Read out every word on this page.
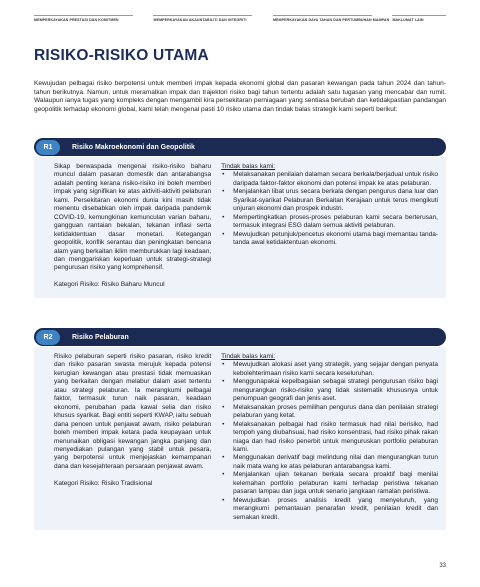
MEMPERKAYAKAN PRESTASI DAN KOMITMEN	MEMPERKAYAKAN AKAUNTABILITI DAN INTEGRITI	MEMPERKAYAKAN DAYA TAHAN DAN PERTUMBUHAN MAMPAN MAKLUMAT LAIN
RISIKO-RISIKO UTAMA

Kewujudan pelbagai risiko berpotensi untuk memberi impak kepada ekonomi global dan pasaran kewangan pada tahun 2024 dan tahun-tahun berikutnya. Namun, untuk meramalkan impak dan trajektori risiko bagi tahun tertentu adalah satu tugasan yang mencabar dan rumit. Walaupun ianya tugas yang kompleks dengan mengambil kira persekitaran perniagaan yang sentiasa berubah dan ketidakpastian pandangan geopolitik terhadap ekonomi global, kami telah mengenal pasti 10 risiko utama dan tindak balas strategik kami seperti berikut:

R1	Risiko Makroekonomi dan Geopolitik

Sikap berwaspada mengenai risiko-risiko baharu muncul dalam pasaran domestik dan antarabangsa adalah penting kerana risiko-risiko ini boleh memberi impak yang signifikan ke atas aktiviti-aktiviti pelaburan kami. Persekitaran ekonomi dunia kini masih tidak menentu disebabkan oleh impak daripada pandemik COVID-19, kemungkinan kemunculan varian baharu, gangguan rantaian bekalan, tekanan inflasi serta ketidaktentuan dasar monetari. Ketegangan geopolitik, konflik serantau dan peningkatan bencana alam yang berkaitan iklim memburukkan lagi keadaan, dan menggariskan keperluan untuk strategi-strategi pengurusan risiko yang komprehensif.

Kategori Risiko: Risiko Baharu Muncul

Tindak balas kami:

• Melaksanakan penilaian dalaman secara berkala/berjadual untuk risiko daripada faktor-faktor ekonomi dan potensi impak ke atas pelaburan.
• Menjalankan libat urus secara berkala dengan pengurus dana luar dan Syarikat-syarikat Pelaburan Berkaitan Kerajaan untuk terus mengikuti unjuran ekonomi dan prospek industri.
• Mempertingkatkan proses-proses pelaburan kami secara berterusan, termasuk integrasi ESG dalam semua aktiviti pelaburan.
• Mewujudkan petunjuk/pencetus ekonomi utama bagi memantau tanda-tanda awal ketidaktentuan ekonomi.
R2	Risiko Pelaburan

Risiko pelaburan seperti risiko pasaran, risiko kredit dan risiko pasaran swasta merujuk kepada potensi kerugian kewangan atau prestasi tidak memuaskan yang berkaitan dengan melabur dalam aset tertentu atau strategi pelaburan. Ia merangkumi pelbagai faktor, termasuk turun naik pasaran, keadaan ekonomi, perubahan pada kawal selia dan risiko khusus syarikat. Bagi entiti seperti KWAP, iaitu sebuah dana pencen untuk penjawat awam, risiko pelaburan boleh memberi impak ketara pada keupayaan untuk menunaikan obligasi kewangan jangka panjang dan menyediakan pulangan yang stabil untuk pesara, yang berpotensi untuk menjejaskan kemampanan dana dan kesejahteraan persaraan penjawat awam.

Kategori Risiko: Risiko Tradisional

Tindak balas kami:

• Mewujudkan alokasi aset yang strategik, yang sejajar dengan penyata kebolehterimaan risiko kami secara keseluruhan.
• Menggunapakai kepelbagaian sebagai strategi pengurusan risiko bagi mengurangkan risiko-risiko yang tidak sistematik khususnya untuk penumpuan geografi dan jenis aset.
• Melaksanakan proses pemilihan pengurus dana dan penilaian strategi pelaburan yang ketat.
• Melaksanakan pelbagai had risiko termasuk had nilai berisiko, had tempoh yang diubahsuai, had risiko konsentrasi, had risiko pihak rakan niaga dan had risiko penerbit untuk menguruskan portfolio pelaburan kami.
• Menggunakan derivatif bagi melindung nilai dan mengurangkan turun naik mata wang ke atas pelaburan antarabangsa kami.
• Menjalankan ujian tekanan berkala secara proaktif bagi menilai kelemahan portfolio pelaburan kami terhadap peristiwa tekanan pasaran lampau dan juga untuk senario jangkaan ramalan peristiwa.
• Mewujudkan proses analisis kredit yang menyeluruh, yang merangkumi pemantauan penarafan kredit, penilaian kredit dan semakan kredit.
33
